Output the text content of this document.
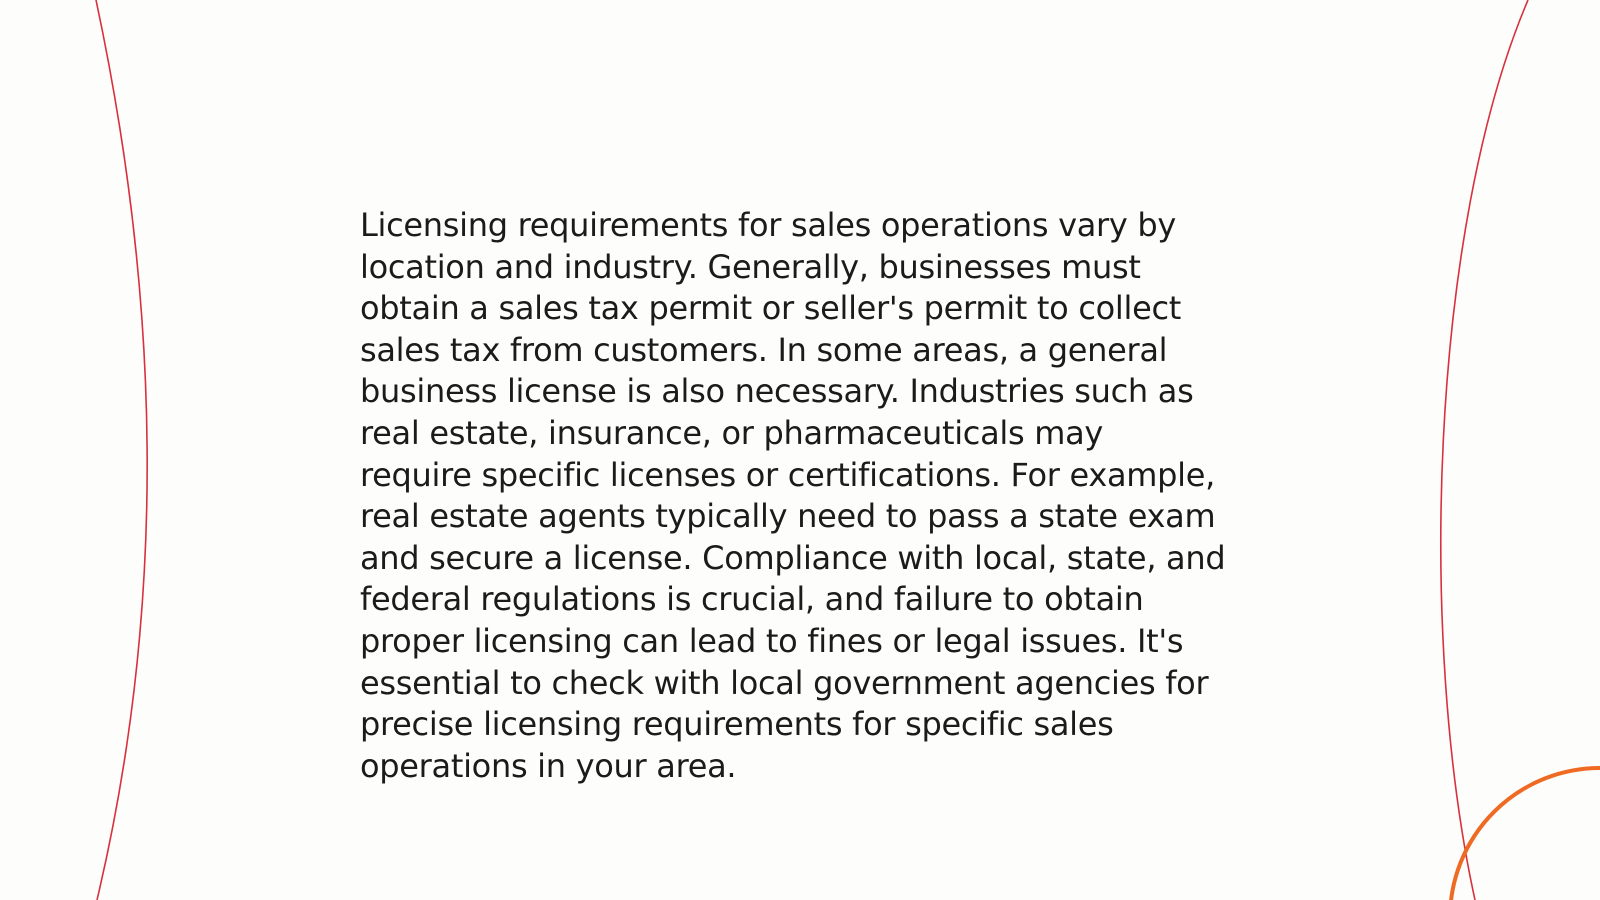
Licensing requirements for sales operations vary by
location and industry. Generally, businesses must
obtain a sales tax permit or seller's permit to collect
sales tax from customers. In some areas, a general
business license is also necessary. Industries such as
real estate, insurance, or pharmaceuticals may
require specific licenses or certifications. For example,
real estate agents typically need to pass a state exam
and secure a license. Compliance with local, state, and
federal regulations is crucial, and failure to obtain
proper licensing can lead to fines or legal issues. It's
essential to check with local government agencies for
precise licensing requirements for specific sales
operations in your area.
